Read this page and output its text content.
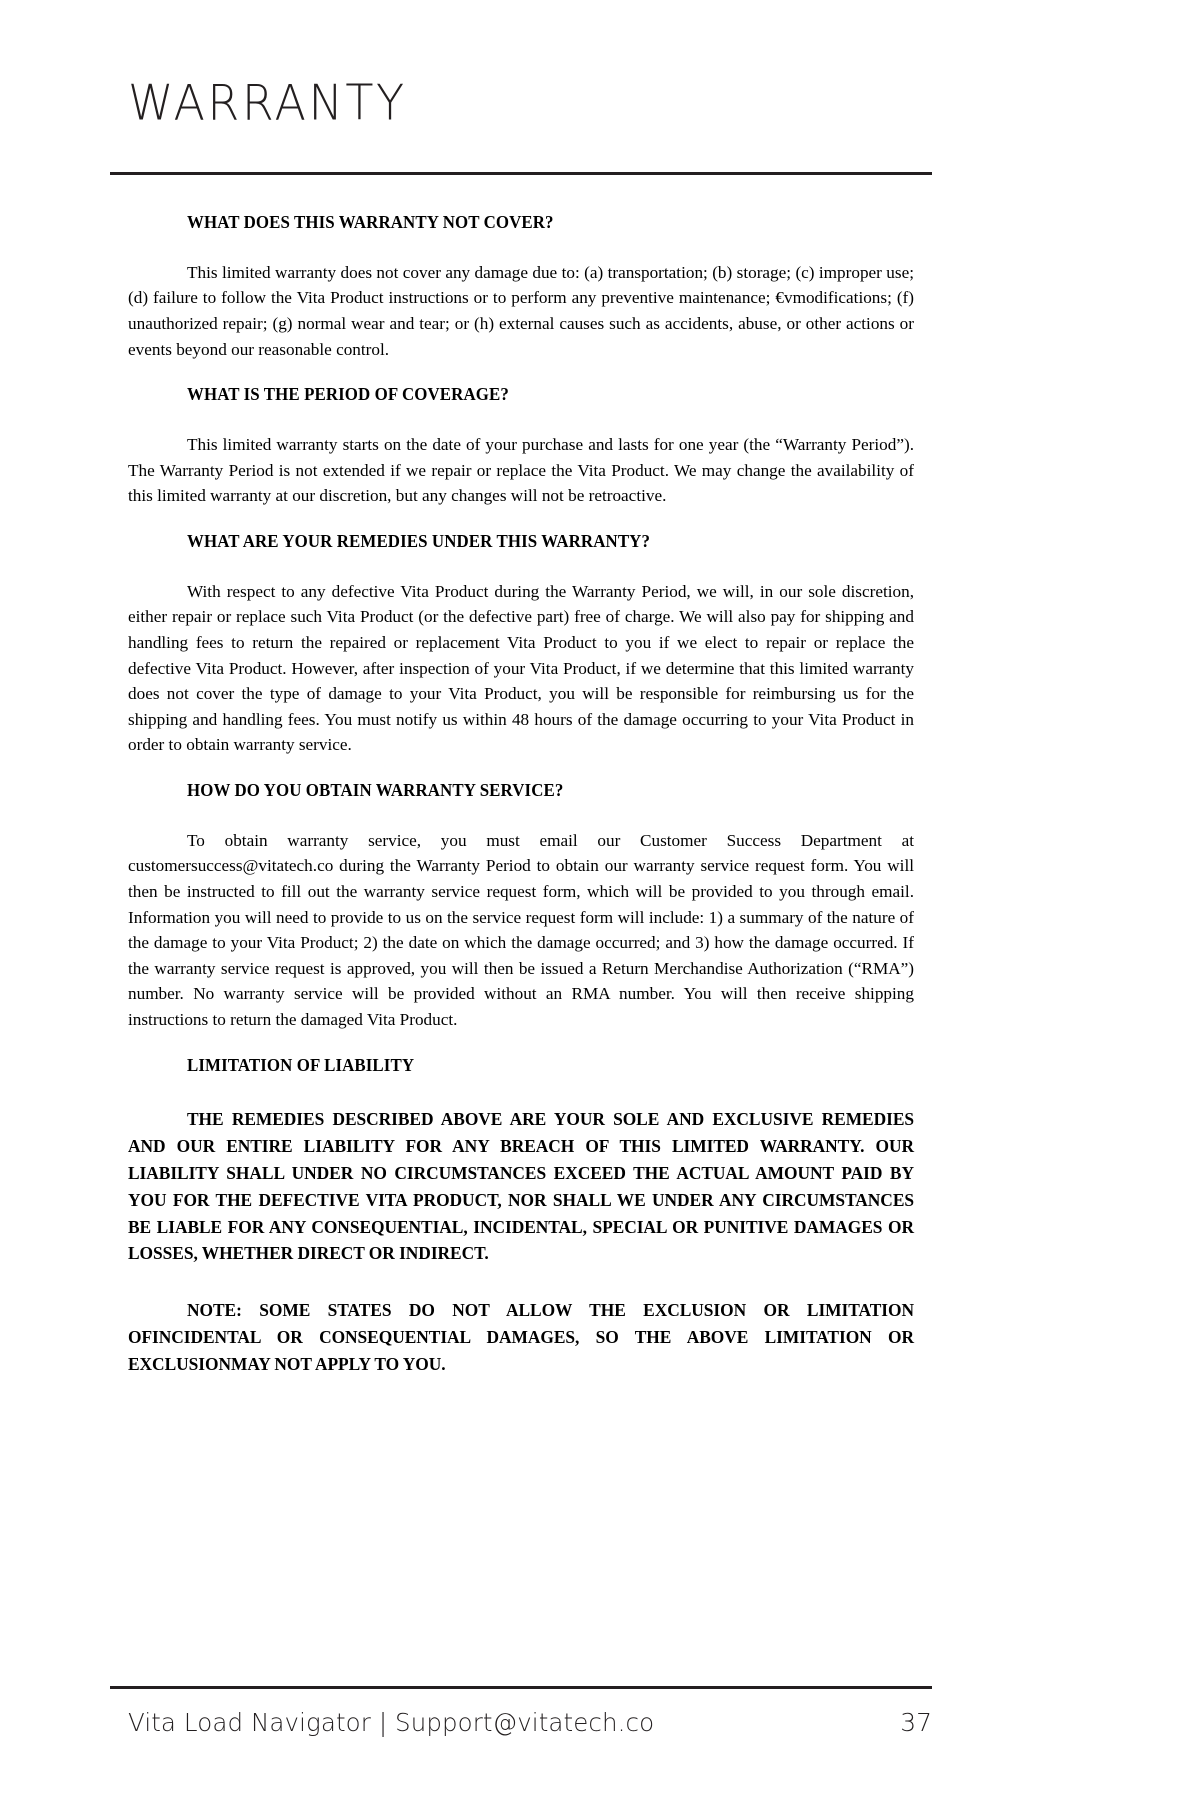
WARRANTY
WHAT DOES THIS WARRANTY NOT COVER?

This limited warranty does not cover any damage due to: (a) transportation; (b) storage; (c) improper use; (d) failure to follow the Vita Product instructions or to perform any preventive maintenance; €vmodifications; (f) unauthorized repair; (g) normal wear and tear; or (h) external causes such as accidents, abuse, or other actions or events beyond our reasonable control.

WHAT IS THE PERIOD OF COVERAGE?

This limited warranty starts on the date of your purchase and lasts for one year (the “Warranty Period”). The Warranty Period is not extended if we repair or replace the Vita Product. We may change the availability of this limited warranty at our discretion, but any changes will not be retroactive.

WHAT ARE YOUR REMEDIES UNDER THIS WARRANTY?

With respect to any defective Vita Product during the Warranty Period, we will, in our sole discretion, either repair or replace such Vita Product (or the defective part) free of charge. We will also pay for shipping and handling fees to return the repaired or replacement Vita Product to you if we elect to repair or replace the defective Vita Product. However, after inspection of your Vita Product, if we determine that this limited warranty does not cover the type of damage to your Vita Product, you will be responsible for reimbursing us for the shipping and handling fees. You must notify us within 48 hours of the damage occurring to your Vita Product in order to obtain warranty service.

HOW DO YOU OBTAIN WARRANTY SERVICE?

To obtain warranty service, you must email our Customer Success Department at customersuccess@vitatech.co during the Warranty Period to obtain our warranty service request form. You will then be instructed to fill out the warranty service request form, which will be provided to you through email. Information you will need to provide to us on the service request form will include: 1) a summary of the nature of the damage to your Vita Product; 2) the date on which the damage occurred; and 3) how the damage occurred. If the warranty service request is approved, you will then be issued a Return Merchandise Authorization (“RMA”) number. No warranty service will be provided without an RMA number. You will then receive shipping instructions to return the damaged Vita Product.

LIMITATION OF LIABILITY

THE REMEDIES DESCRIBED ABOVE ARE YOUR SOLE AND EXCLUSIVE REMEDIES AND OUR ENTIRE LIABILITY FOR ANY BREACH OF THIS LIMITED WARRANTY. OUR LIABILITY SHALL UNDER NO CIRCUMSTANCES EXCEED THE ACTUAL AMOUNT PAID BY YOU FOR THE DEFECTIVE VITA PRODUCT, NOR SHALL WE UNDER ANY CIRCUMSTANCES BE LIABLE FOR ANY CONSEQUENTIAL, INCIDENTAL, SPECIAL OR PUNITIVE DAMAGES OR LOSSES, WHETHER DIRECT OR INDIRECT.

NOTE: SOME STATES DO NOT ALLOW THE EXCLUSION OR LIMITATION OFINCIDENTAL OR CONSEQUENTIAL DAMAGES, SO THE ABOVE LIMITATION OR EXCLUSIONMAY NOT APPLY TO YOU.

Vita Load Navigator | Support@vitatech.co	37
